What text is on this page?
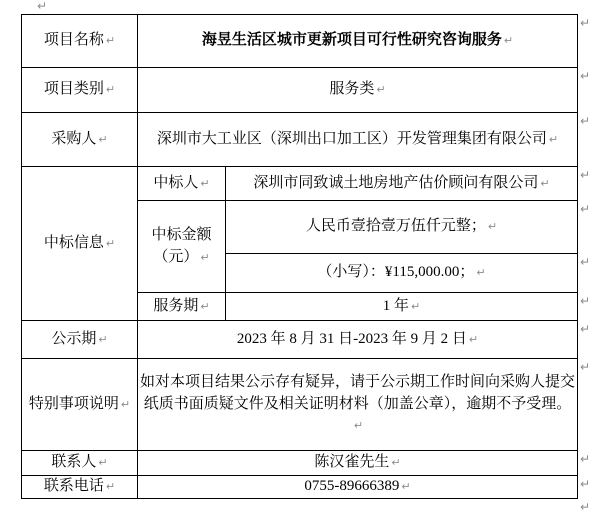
↵
项目名称 ↵	海昱生活区城市更新项目可行性研究咨询服务 ↵	
项目类别 ↵	服务类 ↵	
采购人 ↵	深圳市大工业区（深圳出口加工区）开发管理集团有限公司 ↵	
中标信息 ↵	中标人 ↵	深圳市同致诚土地房地产估价顾问有限公司 ↵
	中标金额
（元） ↵	人民币壹拾壹万伍仟元整； ↵
		（小写）：¥115,000.00； ↵
	服务期 ↵	1 年 ↵
公示期 ↵	2023 年 8 月 31 日-2023 年 9 月 2 日 ↵	
特别事项说明 ↵	如对本项目结果公示存有疑异，请于公示期工作时间向采购人提交纸质书面质疑文件及相关证明材料（加盖公章），逾期不予受理。↵	
联系人 ↵	陈汉雀先生 ↵	
联系电话 ↵	0755-89666389 ↵	
↵
↵
↵
↵
↵
↵
↵
↵
↵
↵
↵
↵
